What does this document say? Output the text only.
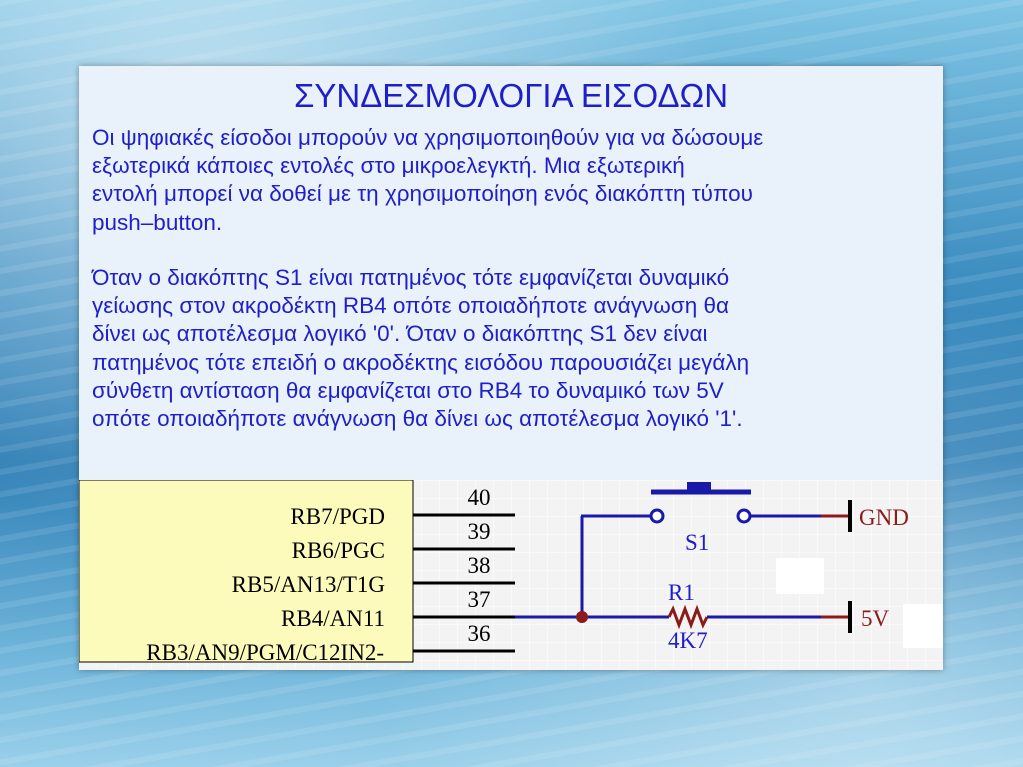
ΣΥΝΔΕΣΜΟΛΟΓΙΑ ΕΙΣΟΔΩΝ

Οι ψηφιακές είσοδοι μπορούν να χρησιμοποιηθούν για να δώσουμε
εξωτερικά κάποιες εντολές στο μικροελεγκτή. Μια εξωτερική
εντολή μπορεί να δοθεί με τη χρησιμοποίηση ενός διακόπτη τύπου
push–button.

Όταν ο διακόπτης S1 είναι πατημένος τότε εμφανίζεται δυναμικό
γείωσης στον ακροδέκτη RB4 οπότε οποιαδήποτε ανάγνωση θα
δίνει ως αποτέλεσμα λογικό '0'. Όταν ο διακόπτης S1 δεν είναι
πατημένος τότε επειδή ο ακροδέκτης εισόδου παρουσιάζει μεγάλη
σύνθετη αντίσταση θα εμφανίζεται στο RB4 το δυναμικό των 5V
οπότε οποιαδήποτε ανάγνωση θα δίνει ως αποτέλεσμα λογικό '1'.

RB7/PGD
RB6/PGC
RB5/AN13/T1G
RB4/AN11
RB3/AN9/PGM/C12IN2-
40
39
38
37
36
S1
R1
4K7
GND
5V
